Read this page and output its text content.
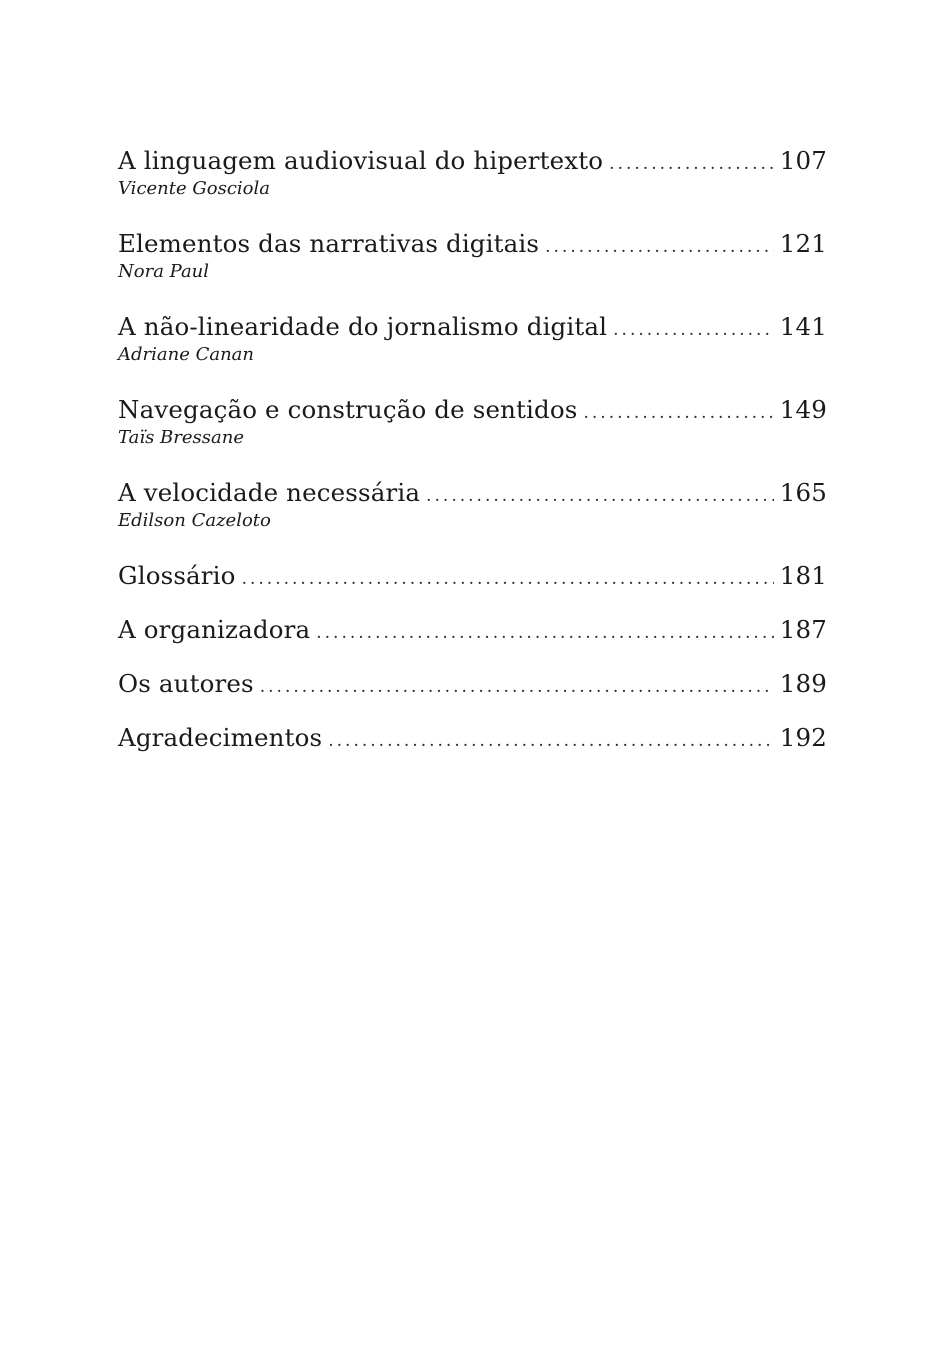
A linguagem audiovisual do hipertexto . . .	107
Vicente Gosciola
Elementos das narrativas digitais . . .	121
Nora Paul
A não-linearidade do jornalismo digital . . .	141
Adriane Canan
Navegação e construção de sentidos . . .	149
Taïs Bressane
A velocidade necessária . . .	165
Edilson Cazeloto
Glossário . . .	181
A organizadora . . .	187
Os autores . . .	189
Agradecimentos . . .	192
